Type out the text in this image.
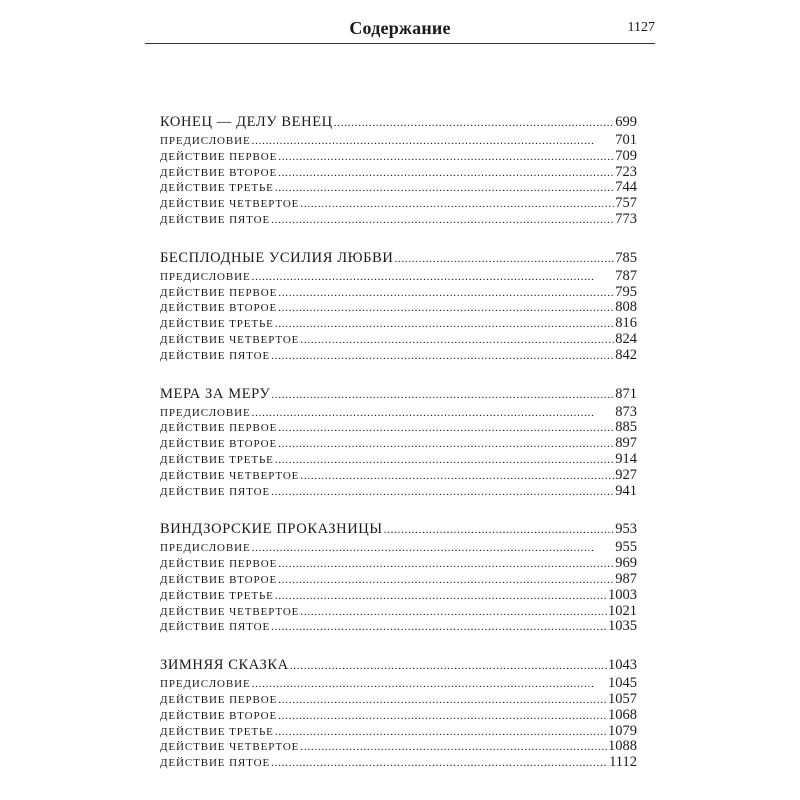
Содержание	1127
КОНЕЦ — ДЕЛУ ВЕНЕЦ . . .	699
ПРЕДИСЛОВИЕ . . .	701
ДЕЙСТВИЕ ПЕРВОЕ . . .	709
ДЕЙСТВИЕ ВТОРОЕ . . .	723
ДЕЙСТВИЕ ТРЕТЬЕ . . .	744
ДЕЙСТВИЕ ЧЕТВЕРТОЕ . . .	757
ДЕЙСТВИЕ ПЯТОЕ . . .	773
БЕСПЛОДНЫЕ УСИЛИЯ ЛЮБВИ . . .	785
ПРЕДИСЛОВИЕ . . .	787
ДЕЙСТВИЕ ПЕРВОЕ . . .	795
ДЕЙСТВИЕ ВТОРОЕ . . .	808
ДЕЙСТВИЕ ТРЕТЬЕ . . .	816
ДЕЙСТВИЕ ЧЕТВЕРТОЕ . . .	824
ДЕЙСТВИЕ ПЯТОЕ . . .	842
МЕРА ЗА МЕРУ . . .	871
ПРЕДИСЛОВИЕ . . .	873
ДЕЙСТВИЕ ПЕРВОЕ . . .	885
ДЕЙСТВИЕ ВТОРОЕ . . .	897
ДЕЙСТВИЕ ТРЕТЬЕ . . .	914
ДЕЙСТВИЕ ЧЕТВЕРТОЕ . . .	927
ДЕЙСТВИЕ ПЯТОЕ . . .	941
ВИНДЗОРСКИЕ ПРОКАЗНИЦЫ . . .	953
ПРЕДИСЛОВИЕ . . .	955
ДЕЙСТВИЕ ПЕРВОЕ . . .	969
ДЕЙСТВИЕ ВТОРОЕ . . .	987
ДЕЙСТВИЕ ТРЕТЬЕ . . .	1003
ДЕЙСТВИЕ ЧЕТВЕРТОЕ . . .	1021
ДЕЙСТВИЕ ПЯТОЕ . . .	1035
ЗИМНЯЯ СКАЗКА . . .	1043
ПРЕДИСЛОВИЕ . . .	1045
ДЕЙСТВИЕ ПЕРВОЕ . . .	1057
ДЕЙСТВИЕ ВТОРОЕ . . .	1068
ДЕЙСТВИЕ ТРЕТЬЕ . . .	1079
ДЕЙСТВИЕ ЧЕТВЕРТОЕ . . .	1088
ДЕЙСТВИЕ ПЯТОЕ . . .	1112
